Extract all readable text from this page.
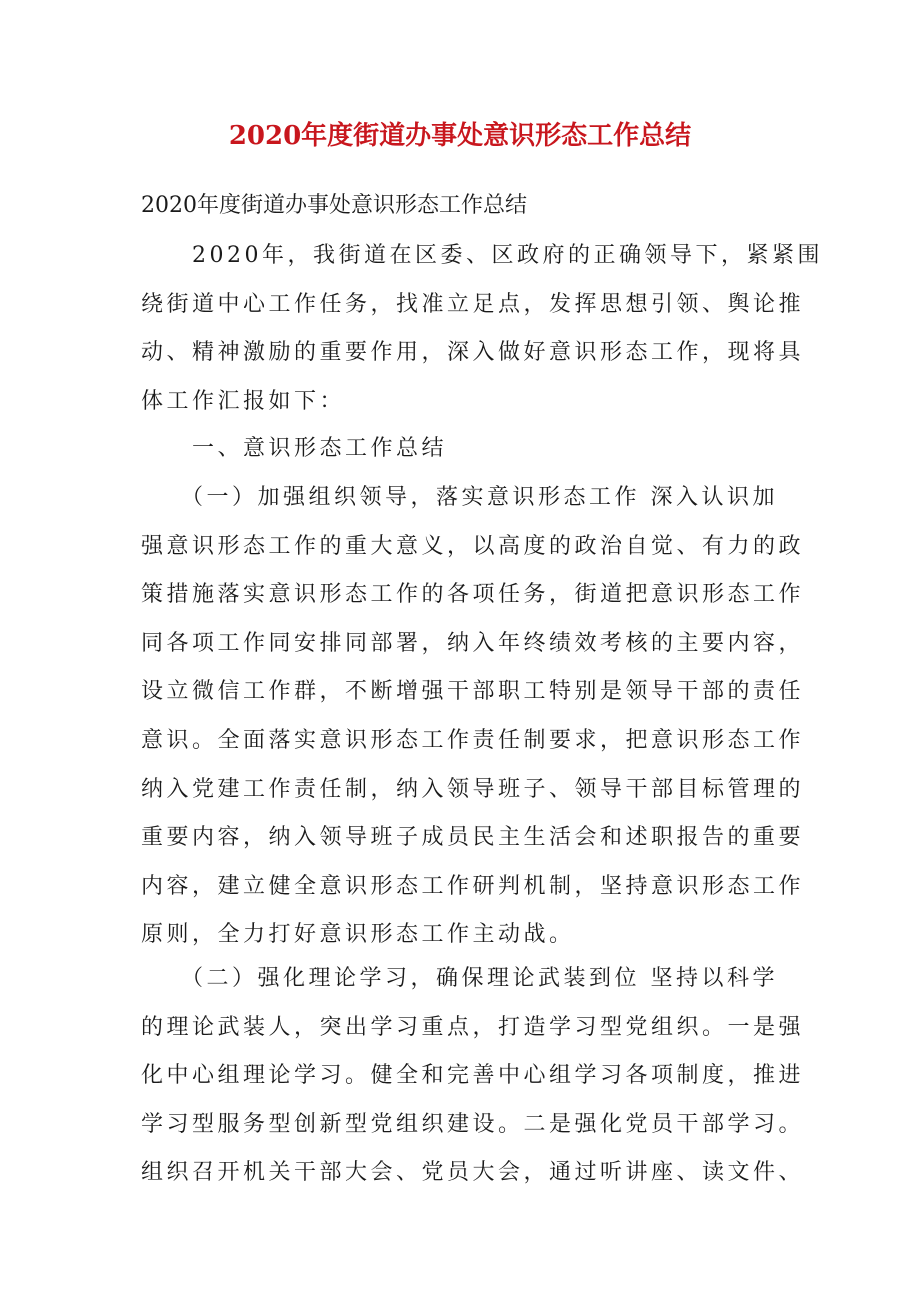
2020年度街道办事处意识形态工作总结
2020年度街道办事处意识形态工作总结
　　2020年，我街道在区委、区政府的正确领导下，紧紧围
绕街道中心工作任务，找准立足点，发挥思想引领、舆论推
动、精神激励的重要作用，深入做好意识形态工作，现将具
体工作汇报如下：
　　一、意识形态工作总结
　　（一）加强组织领导，落实意识形态工作 深入认识加
强意识形态工作的重大意义，以高度的政治自觉、有力的政
策措施落实意识形态工作的各项任务，街道把意识形态工作
同各项工作同安排同部署，纳入年终绩效考核的主要内容，
设立微信工作群，不断增强干部职工特别是领导干部的责任
意识。全面落实意识形态工作责任制要求，把意识形态工作
纳入党建工作责任制，纳入领导班子、领导干部目标管理的
重要内容，纳入领导班子成员民主生活会和述职报告的重要
内容，建立健全意识形态工作研判机制，坚持意识形态工作
原则，全力打好意识形态工作主动战。
　　（二）强化理论学习，确保理论武装到位 坚持以科学
的理论武装人，突出学习重点，打造学习型党组织。一是强
化中心组理论学习。健全和完善中心组学习各项制度，推进
学习型服务型创新型党组织建设。二是强化党员干部学习。
组织召开机关干部大会、党员大会，通过听讲座、读文件、
